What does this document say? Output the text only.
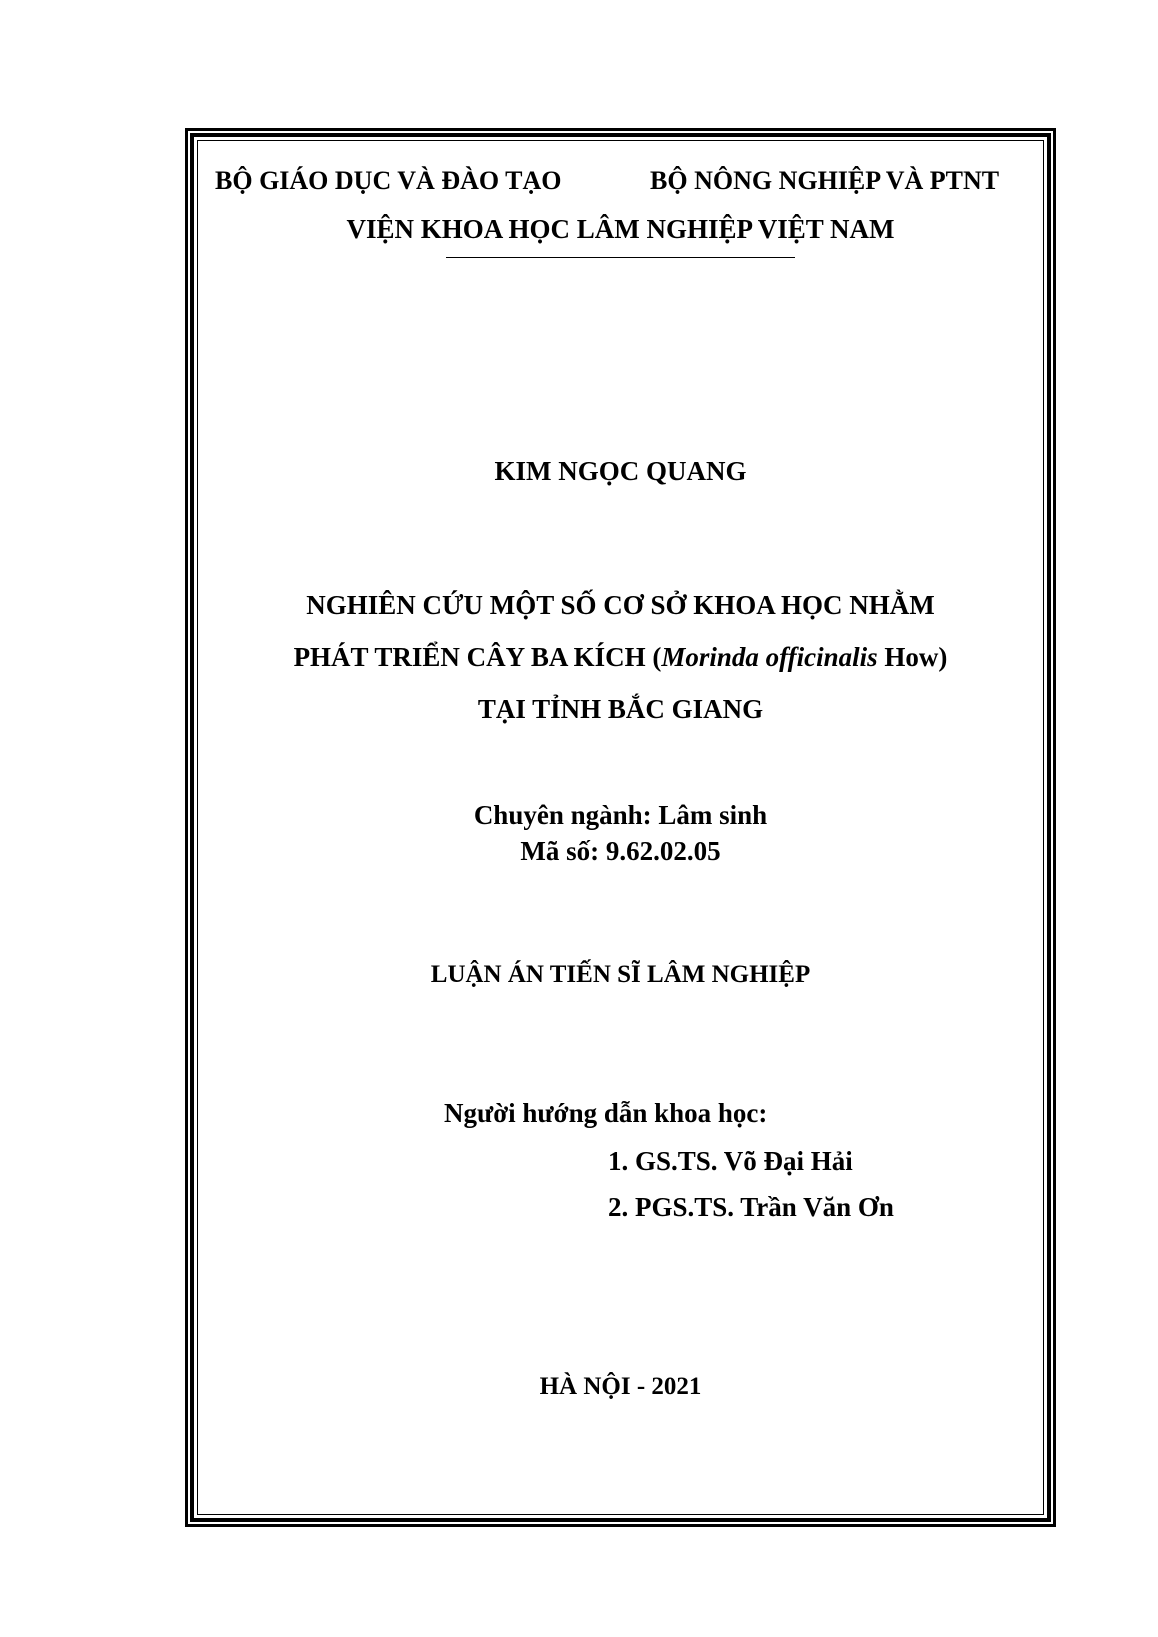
BỘ GIÁO DỤC VÀ ĐÀO TẠO	BỘ NÔNG NGHIỆP VÀ PTNT
VIỆN KHOA HỌC LÂM NGHIỆP VIỆT NAM
KIM NGỌC QUANG
NGHIÊN CỨU MỘT SỐ CƠ SỞ KHOA HỌC NHẰM
PHÁT TRIỂN CÂY BA KÍCH (Morinda officinalis How)
TẠI TỈNH BẮC GIANG
Chuyên ngành: Lâm sinh
Mã số: 9.62.02.05
LUẬN ÁN TIẾN SĨ LÂM NGHIỆP
Người hướng dẫn khoa học:
1. GS.TS. Võ Đại Hải
2. PGS.TS. Trần Văn Ơn
HÀ NỘI - 2021
